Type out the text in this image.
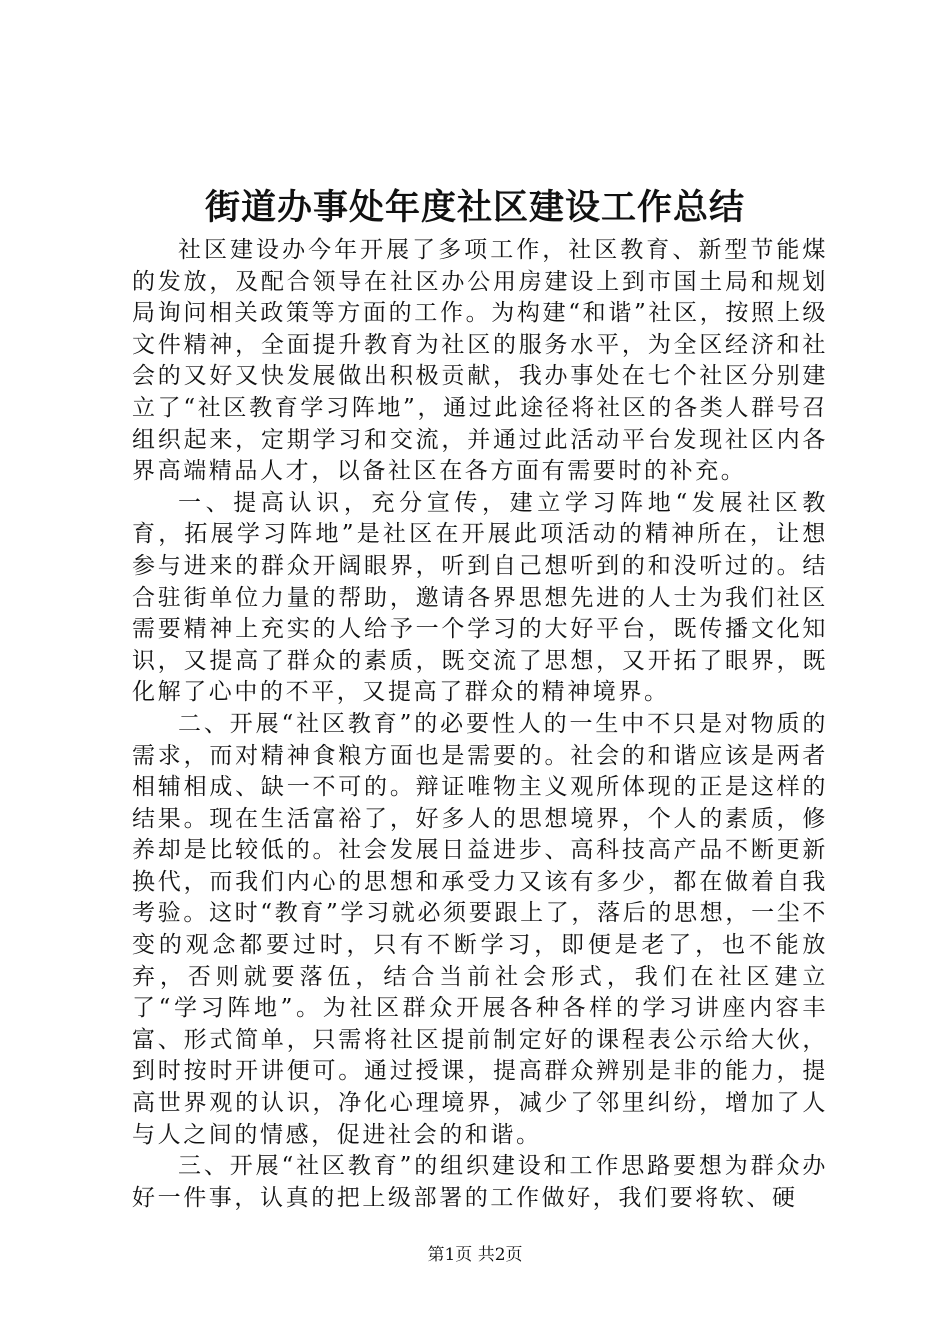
街道办事处年度社区建设工作总结

社区建设办今年开展了多项工作，社区教育、新型节能煤的发放，及配合领导在社区办公用房建设上到市国土局和规划局询问相关政策等方面的工作。为构建“和谐”社区，按照上级文件精神，全面提升教育为社区的服务水平，为全区经济和社会的又好又快发展做出积极贡献，我办事处在七个社区分别建立了“社区教育学习阵地”，通过此途径将社区的各类人群号召组织起来，定期学习和交流，并通过此活动平台发现社区内各界高端精品人才，以备社区在各方面有需要时的补充。

一、提高认识，充分宣传，建立学习阵地“发展社区教育，拓展学习阵地”是社区在开展此项活动的精神所在，让想参与进来的群众开阔眼界，听到自己想听到的和没听过的。结合驻街单位力量的帮助，邀请各界思想先进的人士为我们社区需要精神上充实的人给予一个学习的大好平台，既传播文化知识，又提高了群众的素质，既交流了思想，又开拓了眼界，既化解了心中的不平，又提高了群众的精神境界。

二、开展“社区教育”的必要性人的一生中不只是对物质的需求，而对精神食粮方面也是需要的。社会的和谐应该是两者相辅相成、缺一不可的。辩证唯物主义观所体现的正是这样的结果。现在生活富裕了，好多人的思想境界，个人的素质，修养却是比较低的。社会发展日益进步、高科技高产品不断更新换代，而我们内心的思想和承受力又该有多少，都在做着自我考验。这时“教育”学习就必须要跟上了，落后的思想，一尘不变的观念都要过时，只有不断学习，即便是老了，也不能放弃，否则就要落伍，结合当前社会形式，我们在社区建立了“学习阵地”。为社区群众开展各种各样的学习讲座内容丰富、形式简单，只需将社区提前制定好的课程表公示给大伙，到时按时开讲便可。通过授课，提高群众辨别是非的能力，提高世界观的认识，净化心理境界，减少了邻里纠纷，增加了人与人之间的情感，促进社会的和谐。

三、开展“社区教育”的组织建设和工作思路要想为群众办好一件事，认真的把上级部署的工作做好，我们要将软、硬

第1页 共2页
